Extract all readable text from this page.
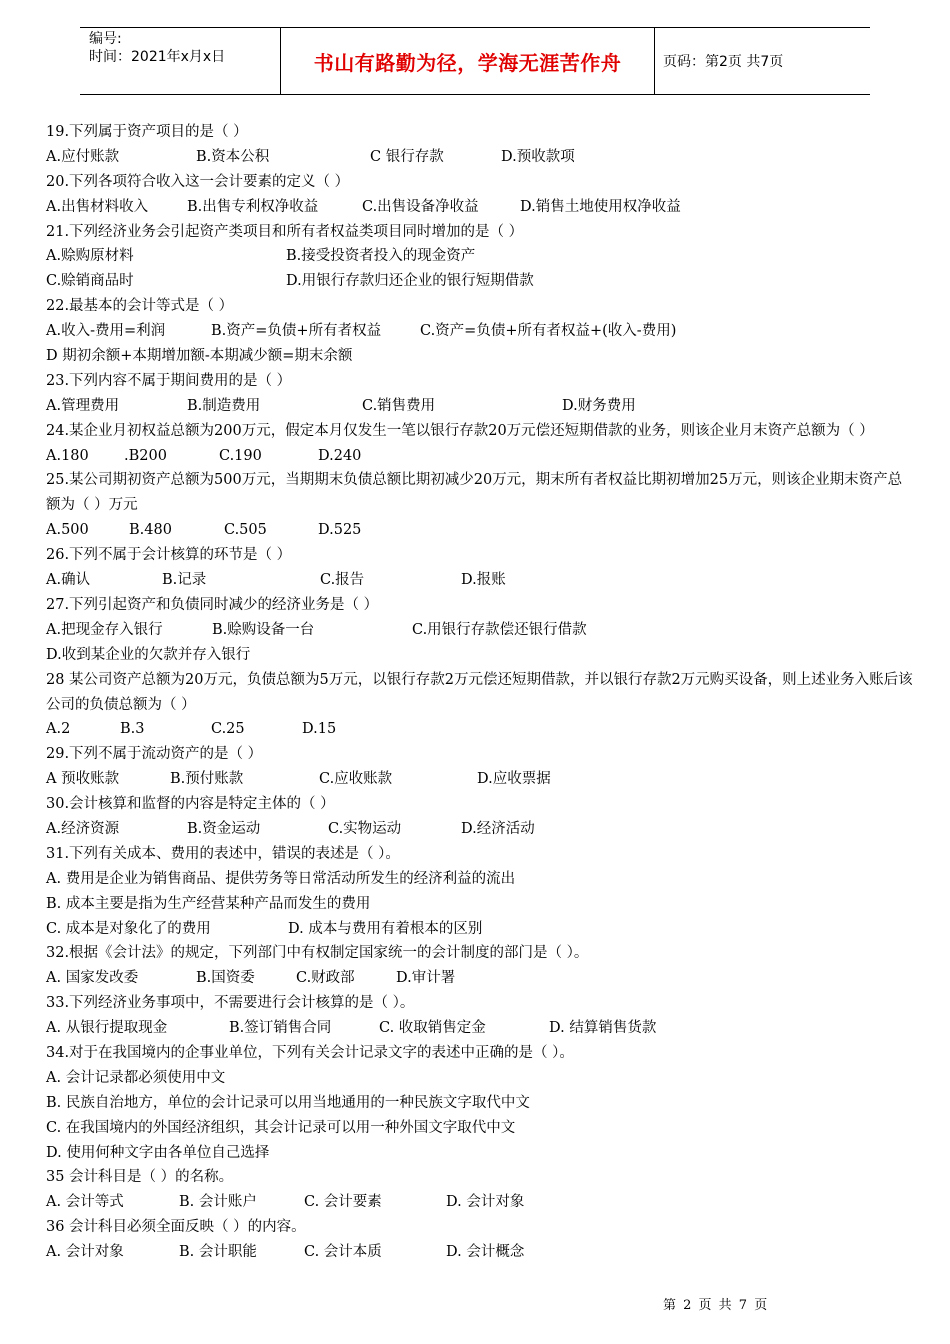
编号:
时间：2021年x月x日	书山有路勤为径，学海无涯苦作舟	页码：第2页 共7页
19.下列属于资产项目的是（ ）
A.应付账款	B.资本公积	C 银行存款	D.预收款项
20.下列各项符合收入这一会计要素的定义（ ）
A.出售材料收入	B.出售专利权净收益	C.出售设备净收益	D.销售土地使用权净收益
21.下列经济业务会引起资产类项目和所有者权益类项目同时增加的是（ ）
A.赊购原材料	B.接受投资者投入的现金资产
C.赊销商品时	D.用银行存款归还企业的银行短期借款
22.最基本的会计等式是（ ）
A.收入-费用=利润	B.资产=负债+所有者权益	C.资产=负债+所有者权益+(收入-费用)
D 期初余额+本期增加额-本期减少额=期末余额
23.下列内容不属于期间费用的是（ ）
A.管理费用	B.制造费用	C.销售费用	D.财务费用
24.某企业月初权益总额为200万元，假定本月仅发生一笔以银行存款20万元偿还短期借款的业务，则该企业月末资产总额为（ ）
A.180 .B200	C.190	D.240
25.某公司期初资产总额为500万元，当期期末负债总额比期初减少20万元，期末所有者权益比期初增加25万元，则该企业期末资产总额为（ ）万元
A.500	B.480	C.505	D.525
26.下列不属于会计核算的环节是（ ）
A.确认	B.记录	C.报告	D.报账
27.下列引起资产和负债同时减少的经济业务是（ ）
A.把现金存入银行	B.赊购设备一台	C.用银行存款偿还银行借款
D.收到某企业的欠款并存入银行
28 某公司资产总额为20万元，负债总额为5万元，以银行存款2万元偿还短期借款，并以银行存款2万元购买设备，则上述业务入账后该公司的负债总额为（ ）
A.2	B.3	C.25	D.15
29.下列不属于流动资产的是（ ）
A 预收账款	B.预付账款	C.应收账款	D.应收票据
30.会计核算和监督的内容是特定主体的（ ）
A.经济资源	B.资金运动	C.实物运动	D.经济活动
31.下列有关成本、费用的表述中，错误的表述是（ ）。
A. 费用是企业为销售商品、提供劳务等日常活动所发生的经济利益的流出
B. 成本主要是指为生产经营某种产品而发生的费用
C. 成本是对象化了的费用	D. 成本与费用有着根本的区别
32.根据《会计法》的规定，下列部门中有权制定国家统一的会计制度的部门是（ ）。
A. 国家发改委	B.国资委	C.财政部	D.审计署
33.下列经济业务事项中，不需要进行会计核算的是（ ）。
A. 从银行提取现金	B.签订销售合同	C. 收取销售定金	D. 结算销售货款
34.对于在我国境内的企事业单位，下列有关会计记录文字的表述中正确的是（ ）。
A. 会计记录都必须使用中文
B. 民族自治地方，单位的会计记录可以用当地通用的一种民族文字取代中文
C. 在我国境内的外国经济组织，其会计记录可以用一种外国文字取代中文
D. 使用何种文字由各单位自己选择
35 会计科目是（ ）的名称。
A. 会计等式	B. 会计账户	C. 会计要素	D. 会计对象
36 会计科目必须全面反映（ ）的内容。
A. 会计对象	B. 会计职能	C. 会计本质	D. 会计概念
第 2 页 共 7 页
